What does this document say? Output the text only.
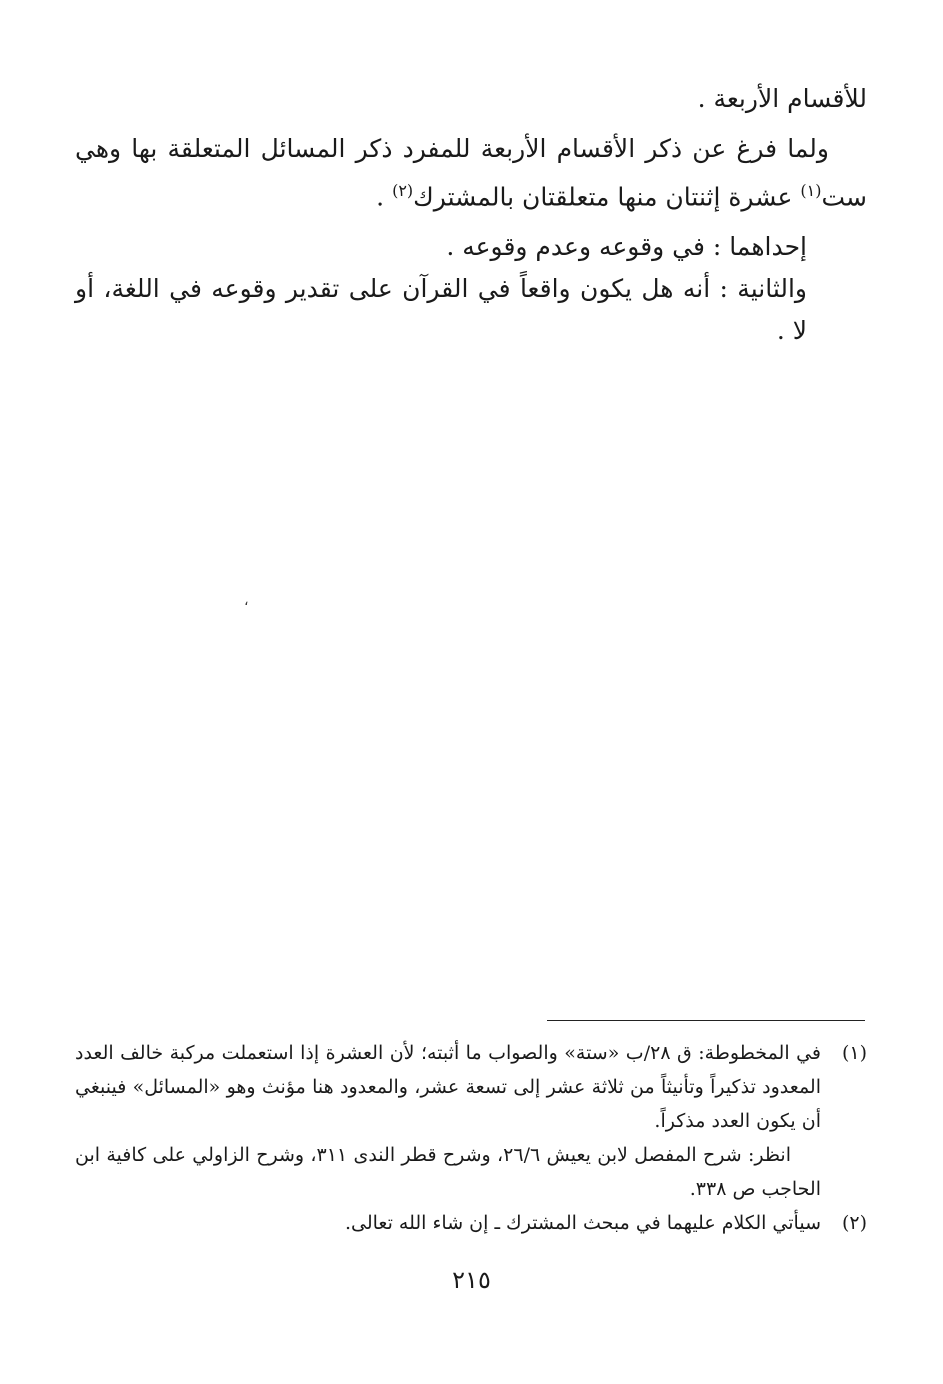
للأقسام الأربعة .

ولما فرغ عن ذكر الأقسام الأربعة للمفرد ذكر المسائل المتعلقة بها وهي ست$^{(١)}$ عشرة إثنتان منها متعلقتان بالمشترك$^{(٢)}$ .

إحداهما : في وقوعه وعدم وقوعه .

والثانية : أنه هل يكون واقعاً في القرآن على تقدير وقوعه في اللغة، أو لا .

،
(١)

في المخطوطة: ق ٢٨/ب «ستة» والصواب ما أثبته؛ لأن العشرة إذا استعملت مركبة خالف العدد المعدود تذكيراً وتأنيثاً من ثلاثة عشر إلى تسعة عشر، والمعدود هنا مؤنث وهو «المسائل» فينبغي أن يكون العدد مذكراً.

انظر: شرح المفصل لابن يعيش ٢٦/٦، وشرح قطر الندى ٣١١، وشرح الزاولي على كافية ابن الحاجب ص ٣٣٨.

(٢)

سيأتي الكلام عليهما في مبحث المشترك ـ إن شاء الله تعالى.

٢١٥
